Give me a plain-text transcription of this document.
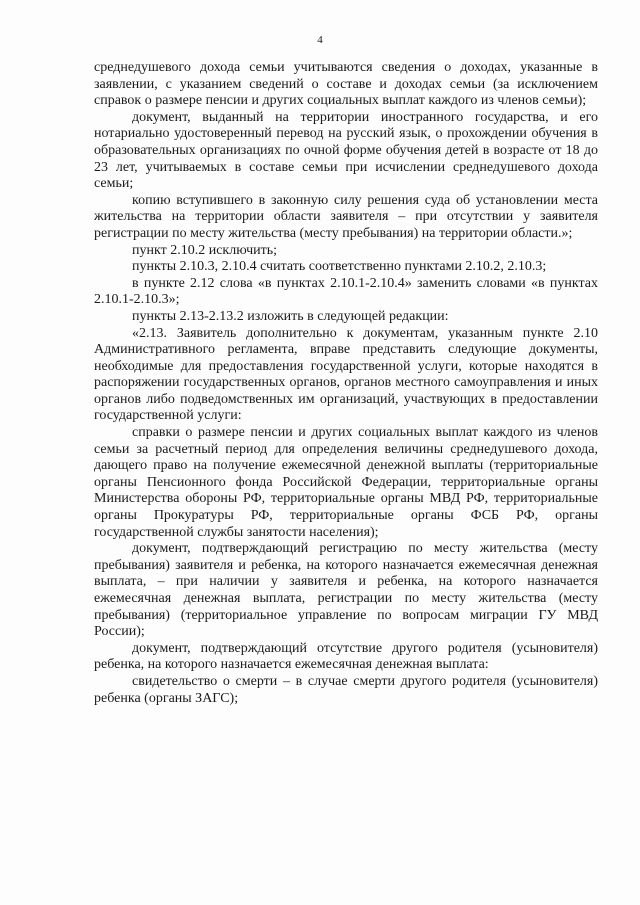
4

среднедушевого дохода семьи учитываются сведения о доходах, указанные в заявлении, с указанием сведений о составе и доходах семьи (за исключением справок о размере пенсии и других социальных выплат каждого из членов семьи);

документ, выданный на территории иностранного государства, и его нотариально удостоверенный перевод на русский язык, о прохождении обучения в образовательных организациях по очной форме обучения детей в возрасте от 18 до 23 лет, учитываемых в составе семьи при исчислении среднедушевого дохода семьи;

копию вступившего в законную силу решения суда об установлении места жительства на территории области заявителя – при отсутствии у заявителя регистрации по месту жительства (месту пребывания) на территории области.»;

пункт 2.10.2 исключить;

пункты 2.10.3, 2.10.4 считать соответственно пунктами 2.10.2, 2.10.3;

в пункте 2.12 слова «в пунктах 2.10.1-2.10.4» заменить словами «в пунктах 2.10.1-2.10.3»;

пункты 2.13-2.13.2 изложить в следующей редакции:

«2.13. Заявитель дополнительно к документам, указанным пункте 2.10 Административного регламента, вправе представить следующие документы, необходимые для предоставления государственной услуги, которые находятся в распоряжении государственных органов, органов местного самоуправления и иных органов либо подведомственных им организаций, участвующих в предоставлении государственной услуги:

справки о размере пенсии и других социальных выплат каждого из членов семьи за расчетный период для определения величины среднедушевого дохода, дающего право на получение ежемесячной денежной выплаты (территориальные органы Пенсионного фонда Российской Федерации, территориальные органы Министерства обороны РФ, территориальные органы МВД РФ, территориальные органы Прокуратуры РФ, территориальные органы ФСБ РФ, органы государственной службы занятости населения);

документ, подтверждающий регистрацию по месту жительства (месту пребывания) заявителя и ребенка, на которого назначается ежемесячная денежная выплата, – при наличии у заявителя и ребенка, на которого назначается ежемесячная денежная выплата, регистрации по месту жительства (месту пребывания) (территориальное управление по вопросам миграции ГУ МВД России);

документ, подтверждающий отсутствие другого родителя (усыновителя) ребенка, на которого назначается ежемесячная денежная выплата:

свидетельство о смерти – в случае смерти другого родителя (усыновителя) ребенка (органы ЗАГС);
